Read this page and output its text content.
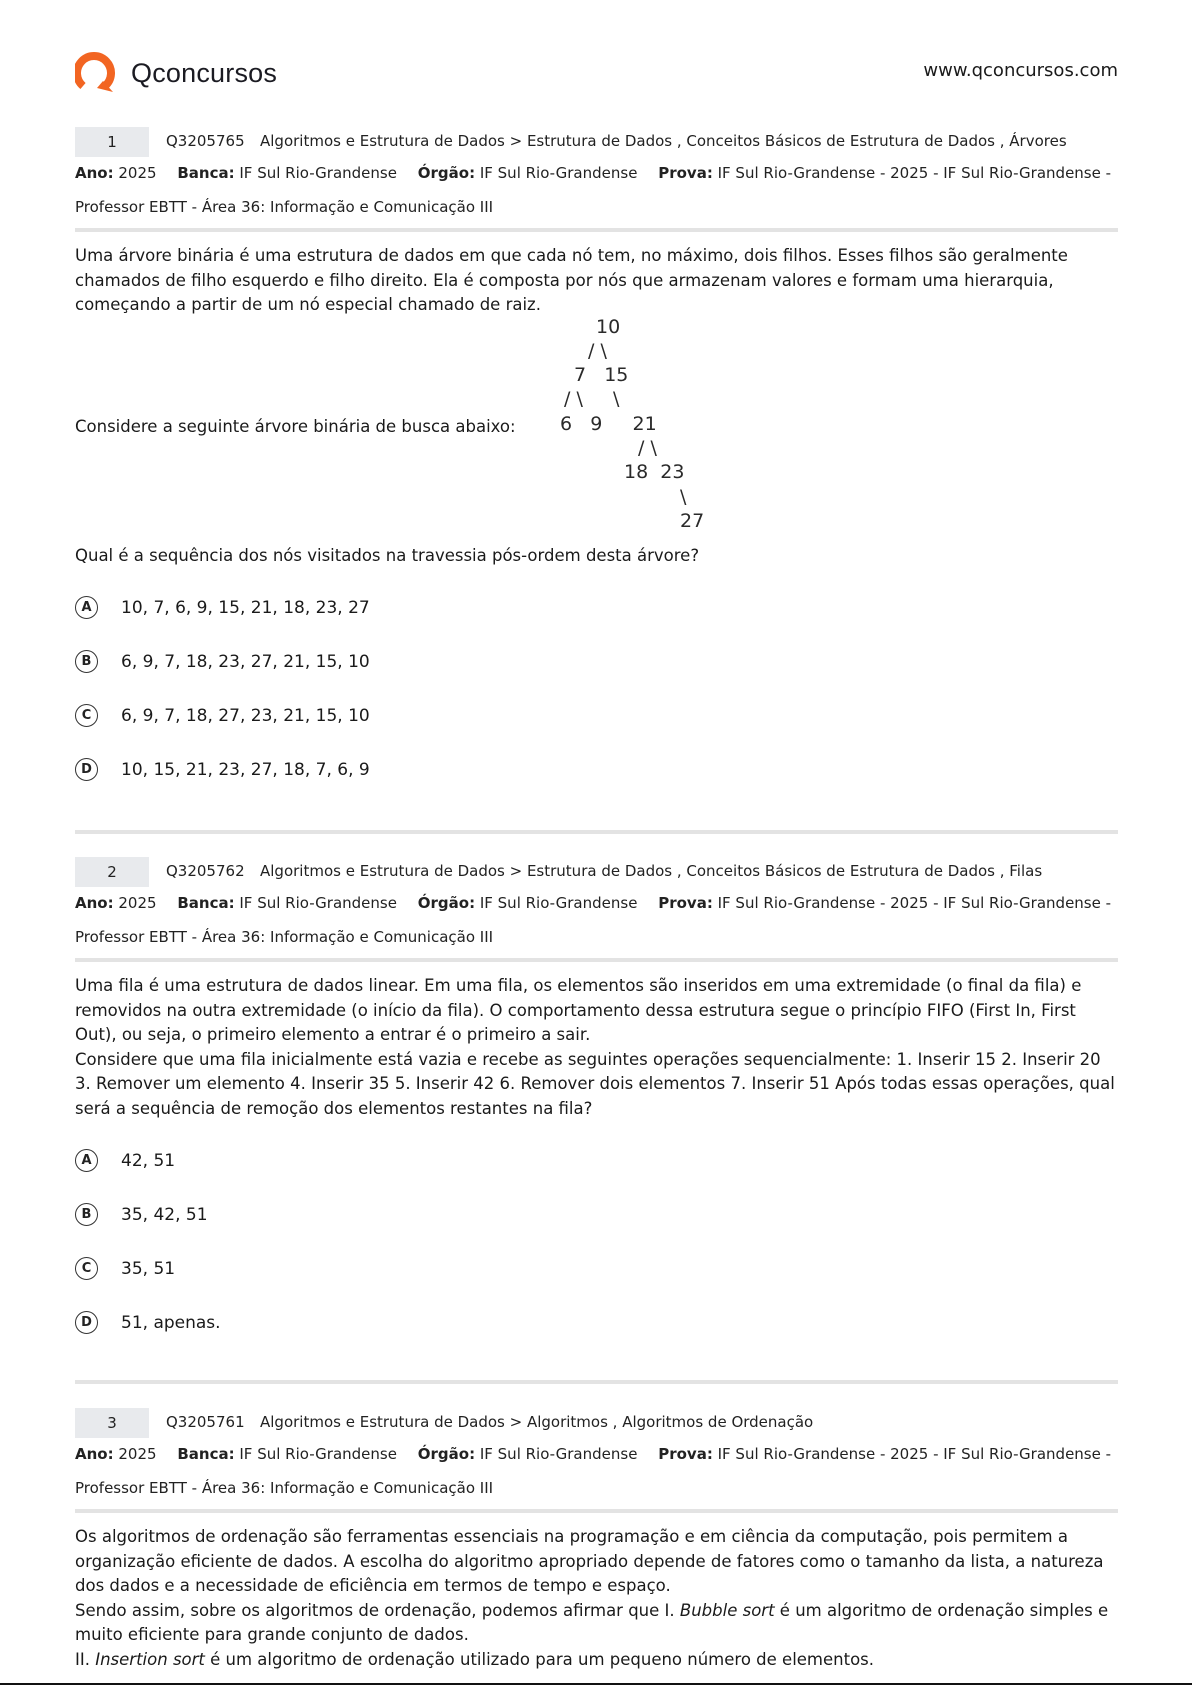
Qconcursos	www.qconcursos.com
1	Q3205765 Algoritmos e Estrutura de Dados > Estrutura de Dados , Conceitos Básicos de Estrutura de Dados , Árvores
Ano: 2025 Banca: IF Sul Rio-Grandense Órgão: IF Sul Rio-Grandense Prova: IF Sul Rio-Grandense - 2025 - IF Sul Rio-Grandense -
Professor EBTT - Área 36: Informação e Comunicação III
Uma árvore binária é uma estrutura de dados em que cada nó tem, no máximo, dois filhos. Esses filhos são geralmente chamados de filho esquerdo e filho direito. Ela é composta por nós que armazenam valores e formam uma hierarquia, começando a partir de um nó especial chamado de raiz.
Considere a seguinte árvore binária de busca abaixo:
10
/ \
7   15
/ \     \
6   9     21
/ \
18  23
\
27
Qual é a sequência dos nós visitados na travessia pós-ordem desta árvore?
A	10, 7, 6, 9, 15, 21, 18, 23, 27
B	6, 9, 7, 18, 23, 27, 21, 15, 10
C	6, 9, 7, 18, 27, 23, 21, 15, 10
D	10, 15, 21, 23, 27, 18, 7, 6, 9
2	Q3205762 Algoritmos e Estrutura de Dados > Estrutura de Dados , Conceitos Básicos de Estrutura de Dados , Filas
Ano: 2025 Banca: IF Sul Rio-Grandense Órgão: IF Sul Rio-Grandense Prova: IF Sul Rio-Grandense - 2025 - IF Sul Rio-Grandense -
Professor EBTT - Área 36: Informação e Comunicação III
Uma fila é uma estrutura de dados linear. Em uma fila, os elementos são inseridos em uma extremidade (o final da fila) e removidos na outra extremidade (o início da fila). O comportamento dessa estrutura segue o princípio FIFO (First In, First Out), ou seja, o primeiro elemento a entrar é o primeiro a sair.
Considere que uma fila inicialmente está vazia e recebe as seguintes operações sequencialmente: 1. Inserir 15 2. Inserir 20 3. Remover um elemento 4. Inserir 35 5. Inserir 42 6. Remover dois elementos 7. Inserir 51 Após todas essas operações, qual será a sequência de remoção dos elementos restantes na fila?
A	42, 51
B	35, 42, 51
C	35, 51
D	51, apenas.
3	Q3205761 Algoritmos e Estrutura de Dados > Algoritmos , Algoritmos de Ordenação
Ano: 2025 Banca: IF Sul Rio-Grandense Órgão: IF Sul Rio-Grandense Prova: IF Sul Rio-Grandense - 2025 - IF Sul Rio-Grandense -
Professor EBTT - Área 36: Informação e Comunicação III
Os algoritmos de ordenação são ferramentas essenciais na programação e em ciência da computação, pois permitem a organização eficiente de dados. A escolha do algoritmo apropriado depende de fatores como o tamanho da lista, a natureza dos dados e a necessidade de eficiência em termos de tempo e espaço.
Sendo assim, sobre os algoritmos de ordenação, podemos afirmar que I. Bubble sort é um algoritmo de ordenação simples e muito eficiente para grande conjunto de dados.
II. Insertion sort é um algoritmo de ordenação utilizado para um pequeno número de elementos.
